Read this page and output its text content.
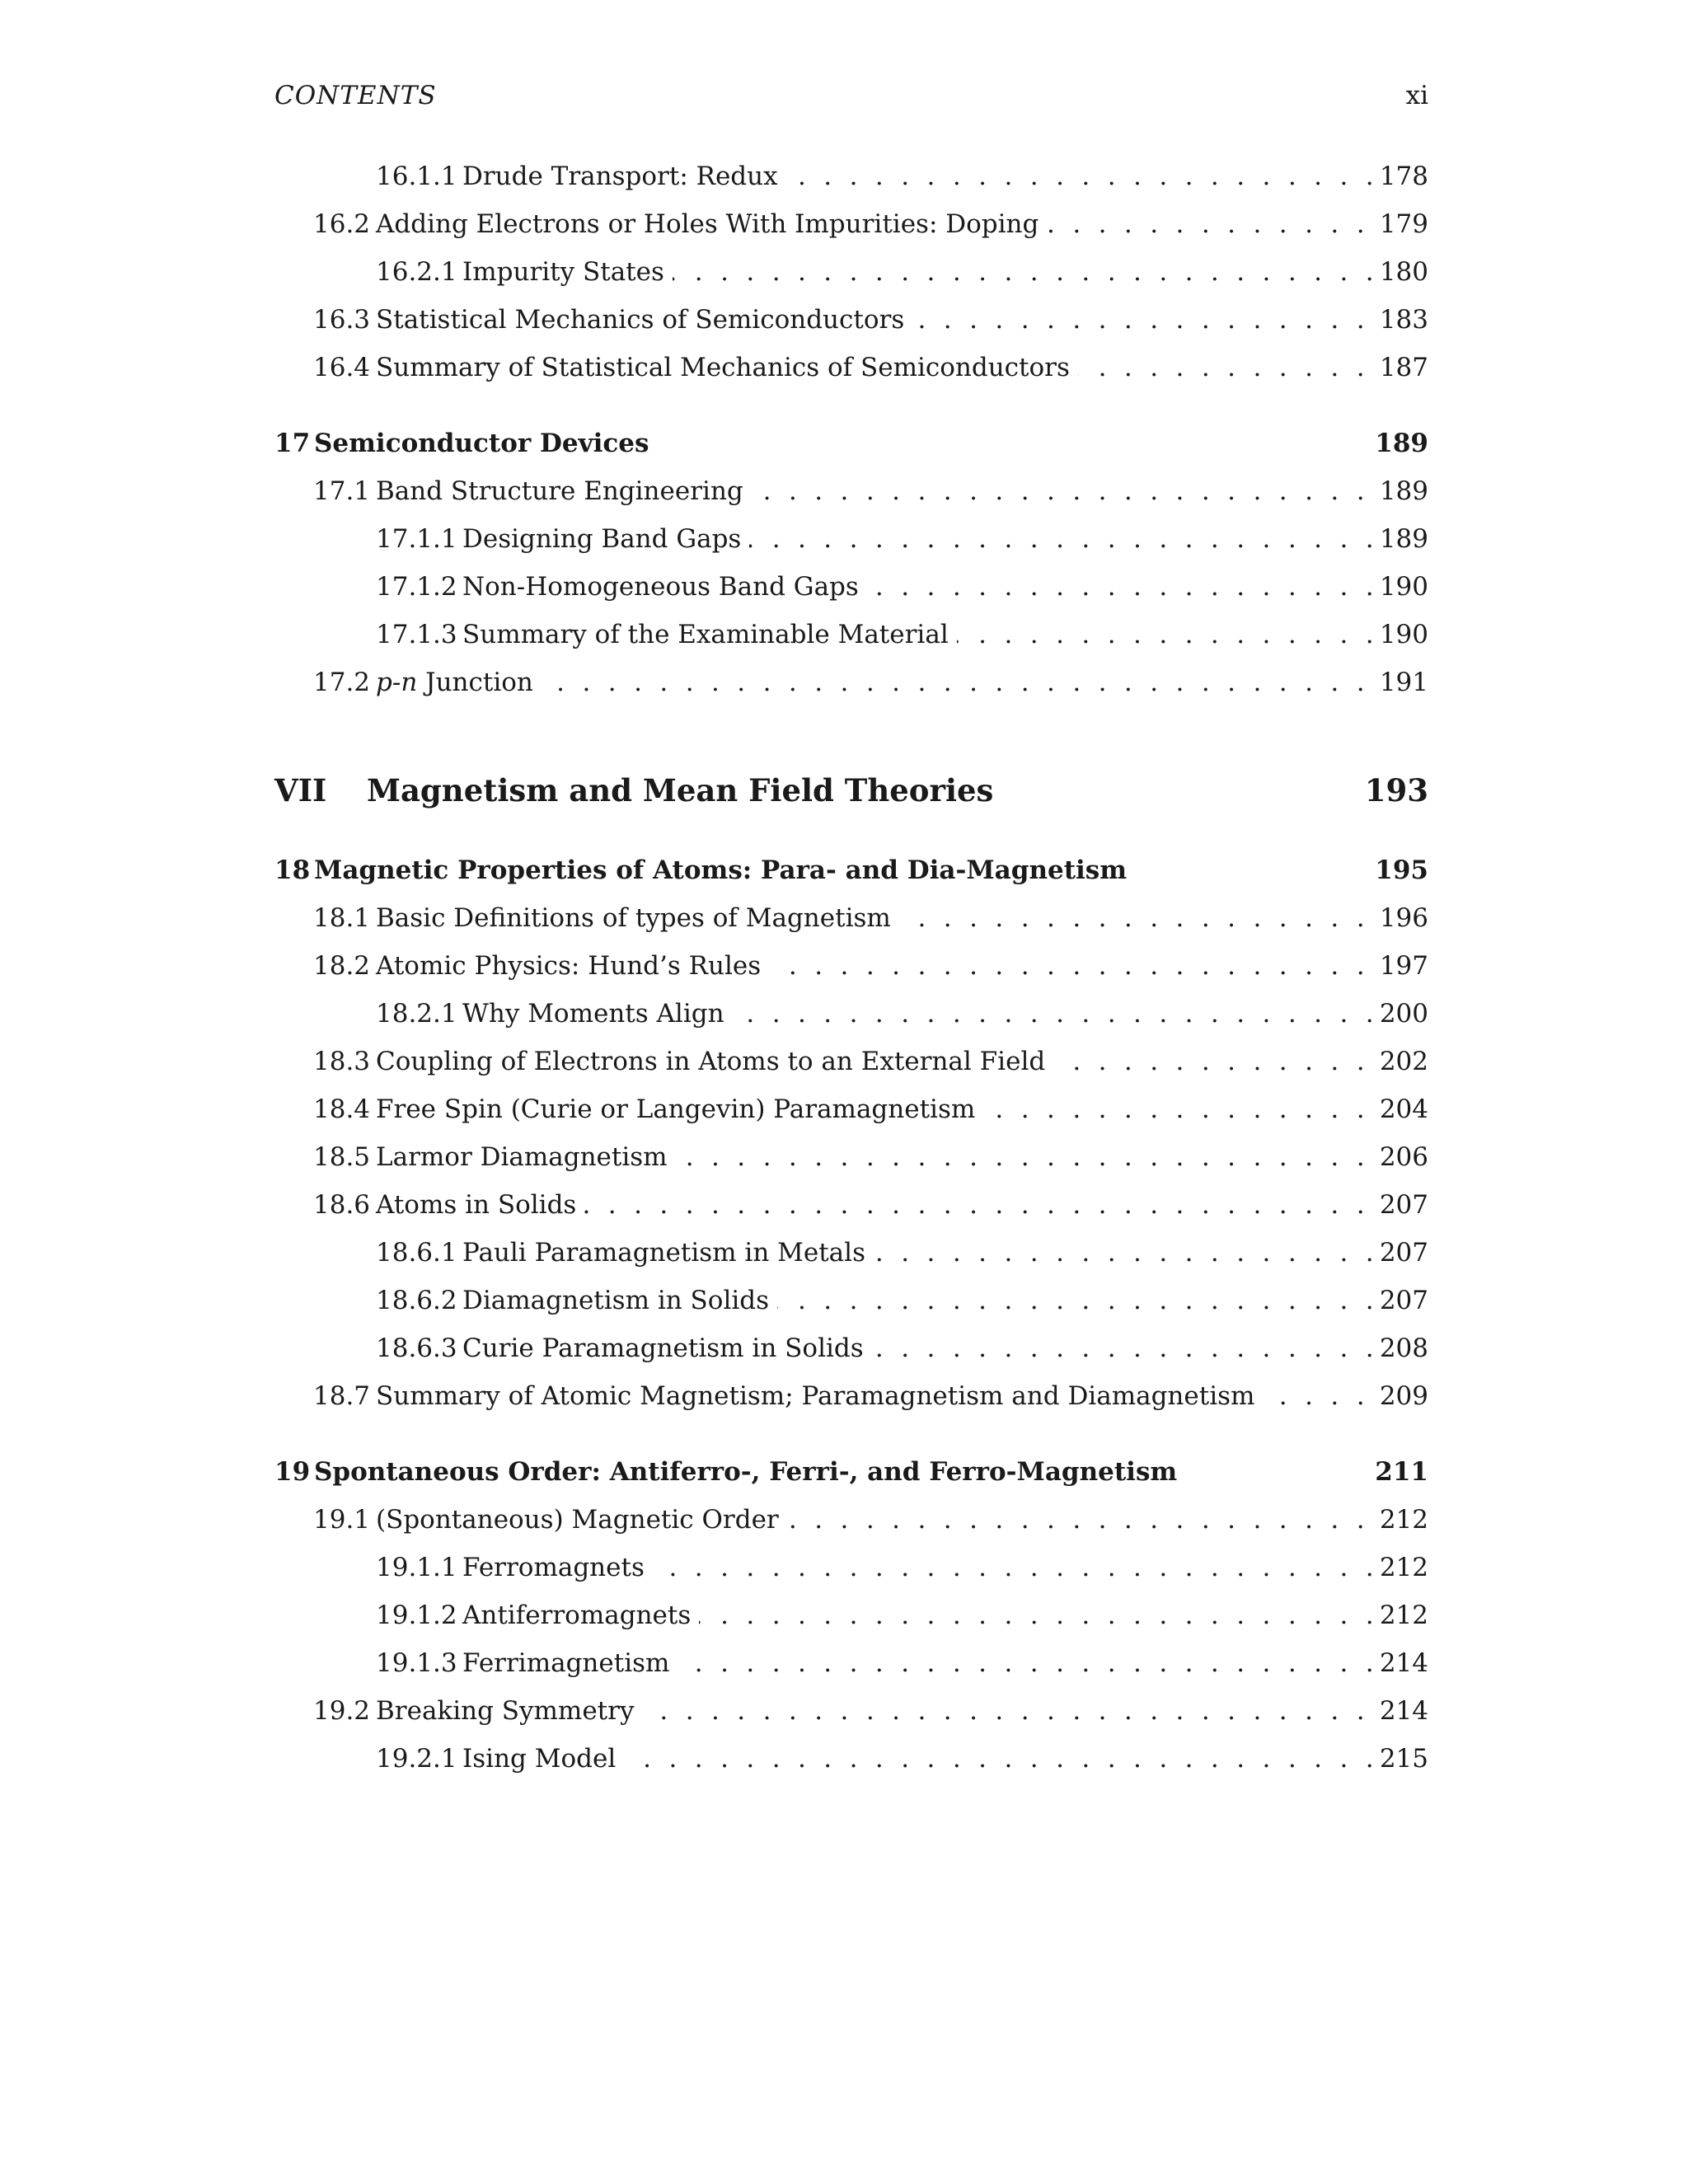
CONTENTS	xi
16.1.1 . . . Drude Transport: Redux	178
16.2 . . . Adding Electrons or Holes With Impurities: Doping	179
16.2.1 . . . Impurity States	180
16.3 . . . Statistical Mechanics of Semiconductors	183
16.4 . . . Summary of Statistical Mechanics of Semiconductors	187
17 Semiconductor Devices	189
17.1 . . . Band Structure Engineering	189
17.1.1 . . . Designing Band Gaps	189
17.1.2 . . . Non-Homogeneous Band Gaps	190
17.1.3 . . . Summary of the Examinable Material	190
17.2 . . . p-n Junction	191
VII Magnetism and Mean Field Theories	193
18 Magnetic Properties of Atoms: Para- and Dia-Magnetism	195
18.1 . . . Basic Definitions of types of Magnetism	196
18.2 . . . Atomic Physics: Hund’s Rules	197
18.2.1 . . . Why Moments Align	200
18.3 . . . Coupling of Electrons in Atoms to an External Field	202
18.4 . . . Free Spin (Curie or Langevin) Paramagnetism	204
18.5 . . . Larmor Diamagnetism	206
18.6 . . . Atoms in Solids	207
18.6.1 . . . Pauli Paramagnetism in Metals	207
18.6.2 . . . Diamagnetism in Solids	207
18.6.3 . . . Curie Paramagnetism in Solids	208
18.7 . . . Summary of Atomic Magnetism; Paramagnetism and Diamagnetism	209
19 Spontaneous Order: Antiferro-, Ferri-, and Ferro-Magnetism	211
19.1 . . . (Spontaneous) Magnetic Order	212
19.1.1 . . . Ferromagnets	212
19.1.2 . . . Antiferromagnets	212
19.1.3 . . . Ferrimagnetism	214
19.2 . . . Breaking Symmetry	214
19.2.1 . . . Ising Model	215
